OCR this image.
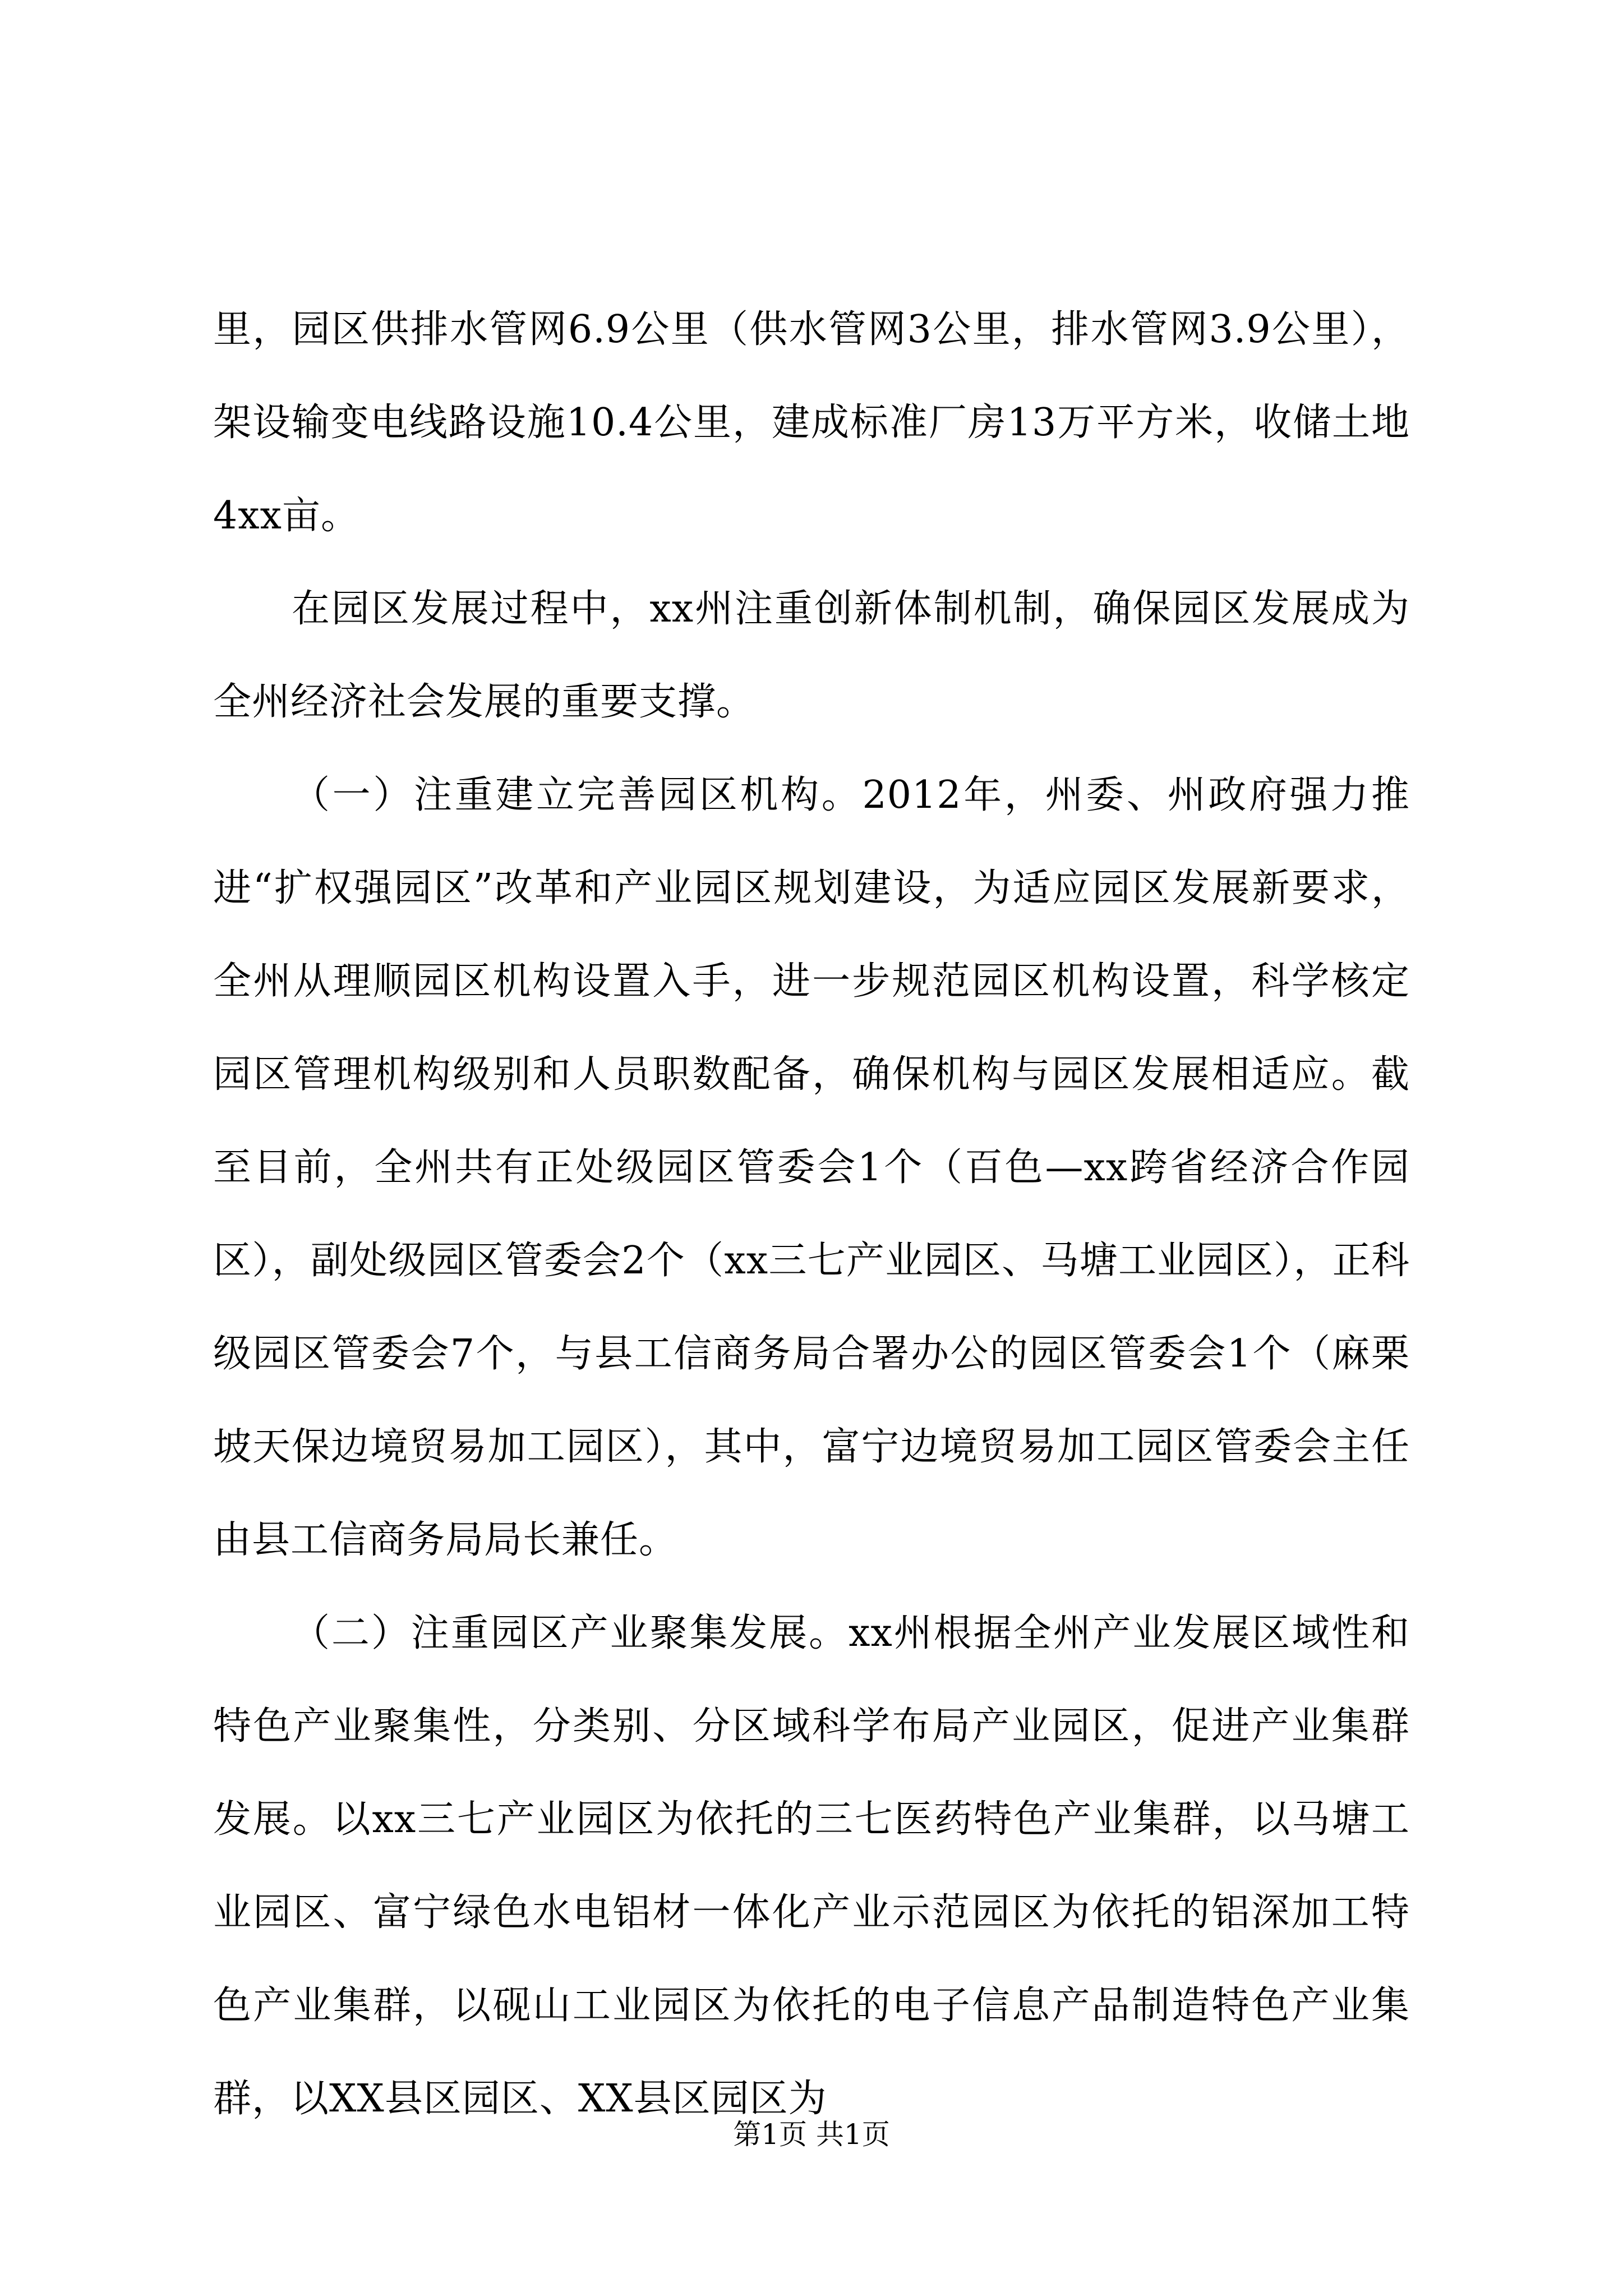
里，园区供排水管网6.9公里（供水管网3公里，排水管网3.9公里），架设输变电线路设施10.4公里，建成标准厂房13万平方米，收储土地4xx亩。

在园区发展过程中，xx州注重创新体制机制，确保园区发展成为全州经济社会发展的重要支撑。

（一）注重建立完善园区机构。2012年，州委、州政府强力推进“扩权强园区”改革和产业园区规划建设，为适应园区发展新要求，全州从理顺园区机构设置入手，进一步规范园区机构设置，科学核定园区管理机构级别和人员职数配备，确保机构与园区发展相适应。截至目前，全州共有正处级园区管委会1个（百色—xx跨省经济合作园区），副处级园区管委会2个（xx三七产业园区、马塘工业园区），正科级园区管委会7个，与县工信商务局合署办公的园区管委会1个（麻栗坡天保边境贸易加工园区），其中，富宁边境贸易加工园区管委会主任由县工信商务局局长兼任。

（二）注重园区产业聚集发展。xx州根据全州产业发展区域性和特色产业聚集性，分类别、分区域科学布局产业园区，促进产业集群发展。以xx三七产业园区为依托的三七医药特色产业集群，以马塘工业园区、富宁绿色水电铝材一体化产业示范园区为依托的铝深加工特色产业集群，以砚山工业园区为依托的电子信息产品制造特色产业集群，以XX县区园区、XX县区园区为

第1页 共1页
